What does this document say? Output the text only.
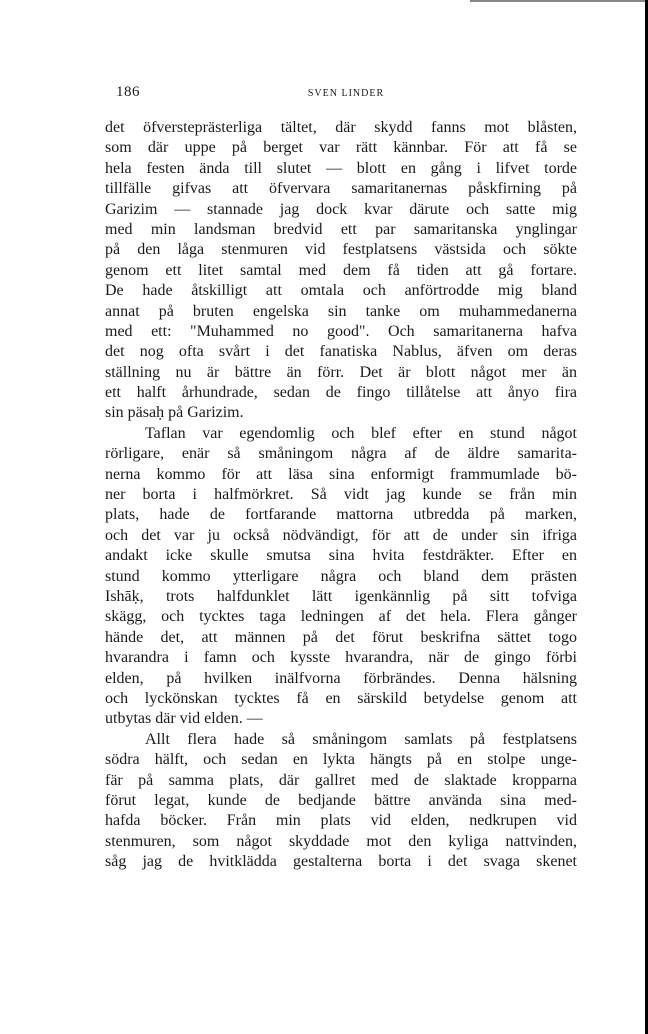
186	SVEN LINDER
det öfversteprästerliga tältet, där skydd fanns mot blåsten,
som där uppe på berget var rätt kännbar. För att få se
hela festen ända till slutet — blott en gång i lifvet torde
tillfälle gifvas att öfvervara samaritanernas påskfirning på
Garizim — stannade jag dock kvar därute och satte mig
med min landsman bredvid ett par samaritanska ynglingar
på den låga stenmuren vid festplatsens västsida och sökte
genom ett litet samtal med dem få tiden att gå fortare.
De hade åtskilligt att omtala och anförtrodde mig bland
annat på bruten engelska sin tanke om muhammedanerna
med ett: "Muhammed no good". Och samaritanerna hafva
det nog ofta svårt i det fanatiska Nablus, äfven om deras
ställning nu är bättre än förr. Det är blott något mer än
ett halft århundrade, sedan de fingo tillåtelse att ånyo fira
sin päsaḥ på Garizim.
Taflan var egendomlig och blef efter en stund något
rörligare, enär så småningom några af de äldre samarita-
nerna kommo för att läsa sina enformigt frammumlade bö-
ner borta i halfmörkret. Så vidt jag kunde se från min
plats, hade de fortfarande mattorna utbredda på marken,
och det var ju också nödvändigt, för att de under sin ifriga
andakt icke skulle smutsa sina hvita festdräkter. Efter en
stund kommo ytterligare några och bland dem prästen
Ishāḳ, trots halfdunklet lätt igenkännlig på sitt tofviga
skägg, och tycktes taga ledningen af det hela. Flera gånger
hände det, att männen på det förut beskrifna sättet togo
hvarandra i famn och kysste hvarandra, när de gingo förbi
elden, på hvilken inälfvorna förbrändes. Denna hälsning
och lyckönskan tycktes få en särskild betydelse genom att
utbytas där vid elden. —
Allt flera hade så småningom samlats på festplatsens
södra hälft, och sedan en lykta hängts på en stolpe unge-
fär på samma plats, där gallret med de slaktade kropparna
förut legat, kunde de bedjande bättre använda sina med-
hafda böcker. Från min plats vid elden, nedkrupen vid
stenmuren, som något skyddade mot den kyliga nattvinden,
såg jag de hvitklädda gestalterna borta i det svaga skenet
